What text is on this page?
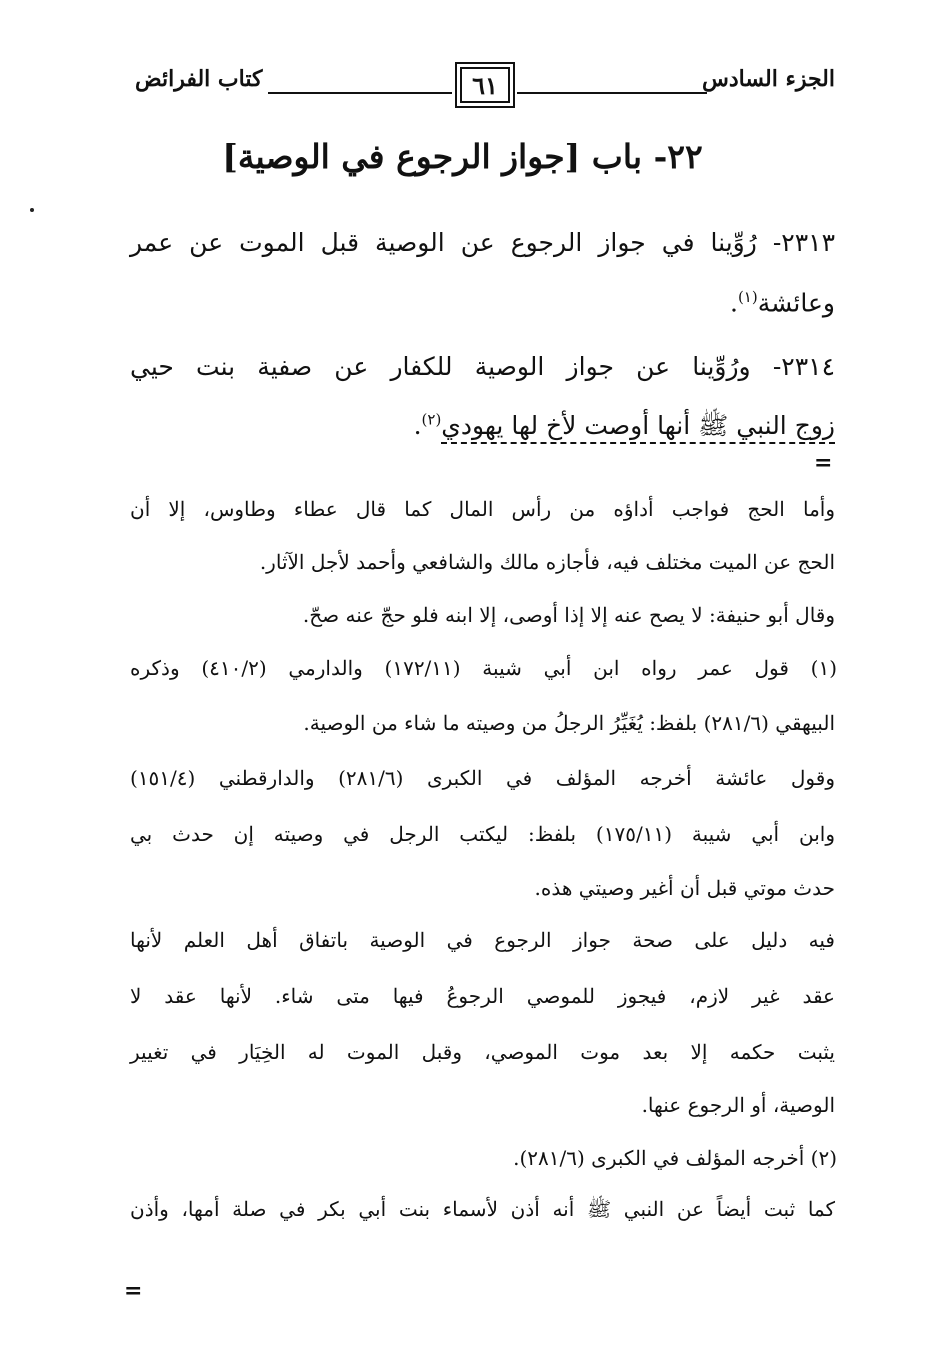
الجزء السادس
٦١
كتاب الفرائض
٢٢- باب [جواز الرجوع في الوصية]
٢٣١٣- رُوِّينا في جواز الرجوع عن الوصية قبل الموت عن عمر
وعائشة$^{(١)}$.
٢٣١٤- ورُوِّينا عن جواز الوصية للكفار عن صفية بنت حيي
زوج النبي ﷺ أنها أوصت لأخ لها يهودي$^{(٢)}$.
=
وأما الحج فواجب أداؤه من رأس المال كما قال عطاء وطاوس، إلا أن
الحج عن الميت مختلف فيه، فأجازه مالك والشافعي وأحمد لأجل الآثار.
وقال أبو حنيفة: لا يصح عنه إلا إذا أوصى، إلا ابنه فلو حجّ عنه صحّ.
(١) قول عمر رواه ابن أبي شيبة (١٧٢/١١) والدارمي (٤١٠/٢) وذكره
البيهقي (٢٨١/٦) بلفظ: يُغَيِّرُ الرجلُ من وصيته ما شاء من الوصية.
وقول عائشة أخرجه المؤلف في الكبرى (٢٨١/٦) والدارقطني (١٥١/٤)
وابن أبي شيبة (١٧٥/١١) بلفظ: ليكتب الرجل في وصيته إن حدث بي
حدث موتي قبل أن أغير وصيتي هذه.
فيه دليل على صحة جواز الرجوع في الوصية باتفاق أهل العلم لأنها
عقد غير لازم، فيجوز للموصي الرجوعُ فيها متى شاء. لأنها عقد لا
يثبت حكمه إلا بعد موت الموصي، وقبل الموت له الخِيَار في تغيير
الوصية، أو الرجوع عنها.
(٢) أخرجه المؤلف في الكبرى (٢٨١/٦).
كما ثبت أيضاً عن النبي ﷺ أنه أذن لأسماء بنت أبي بكر في صلة أمها، وأذن
=
